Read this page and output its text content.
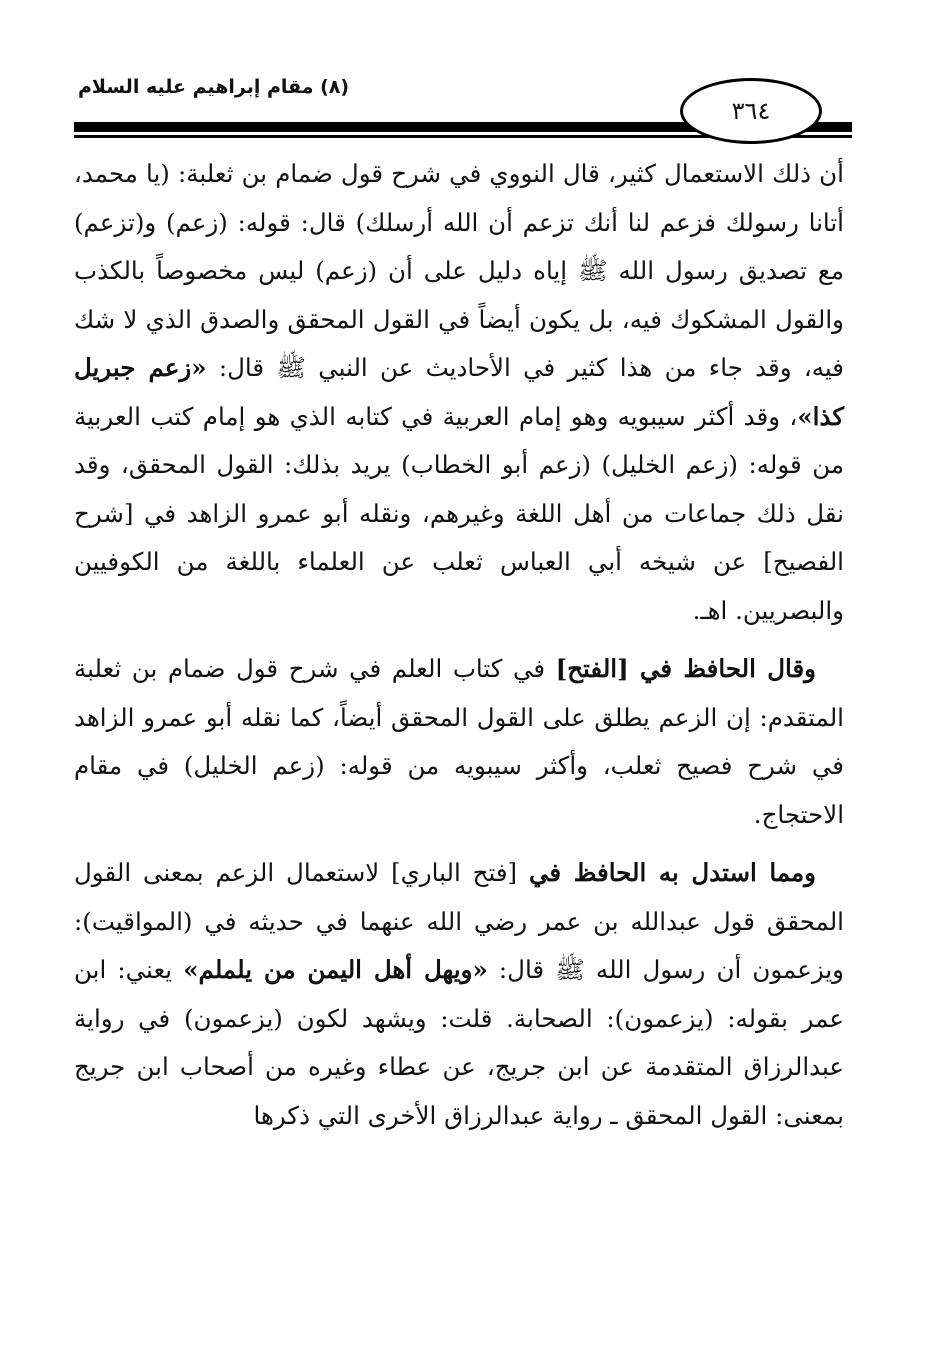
(٨) مقام إبراهيم عليه السلام
٣٦٤

أن ذلك الاستعمال كثير، قال النووي في شرح قول ضمام بن ثعلبة: (يا محمد، أتانا رسولك فزعم لنا أنك تزعم أن الله أرسلك) قال: قوله: (زعم) و(تزعم) مع تصديق رسول الله ﷺ إياه دليل على أن (زعم) ليس مخصوصاً بالكذب والقول المشكوك فيه، بل يكون أيضاً في القول المحقق والصدق الذي لا شك فيه، وقد جاء من هذا كثير في الأحاديث عن النبي ﷺ قال: «زعم جبريل كذا»، وقد أكثر سيبويه وهو إمام العربية في كتابه الذي هو إمام كتب العربية من قوله: (زعم الخليل) (زعم أبو الخطاب) يريد بذلك: القول المحقق، وقد نقل ذلك جماعات من أهل اللغة وغيرهم، ونقله أبو عمرو الزاهد في [شرح الفصيح] عن شيخه أبي العباس ثعلب عن العلماء باللغة من الكوفيين والبصريين. اهـ.

وقال الحافظ في [الفتح] في كتاب العلم في شرح قول ضمام بن ثعلبة المتقدم: إن الزعم يطلق على القول المحقق أيضاً، كما نقله أبو عمرو الزاهد في شرح فصيح ثعلب، وأكثر سيبويه من قوله: (زعم الخليل) في مقام الاحتجاج.

ومما استدل به الحافظ في [فتح الباري] لاستعمال الزعم بمعنى القول المحقق قول عبدالله بن عمر رضي الله عنهما في حديثه في (المواقيت): ويزعمون أن رسول الله ﷺ قال: «ويهل أهل اليمن من يلملم» يعني: ابن عمر بقوله: (يزعمون): الصحابة. قلت: ويشهد لكون (يزعمون) في رواية عبدالرزاق المتقدمة عن ابن جريج، عن عطاء وغيره من أصحاب ابن جريج بمعنى: القول المحقق ـ رواية عبدالرزاق الأخرى التي ذكرها
